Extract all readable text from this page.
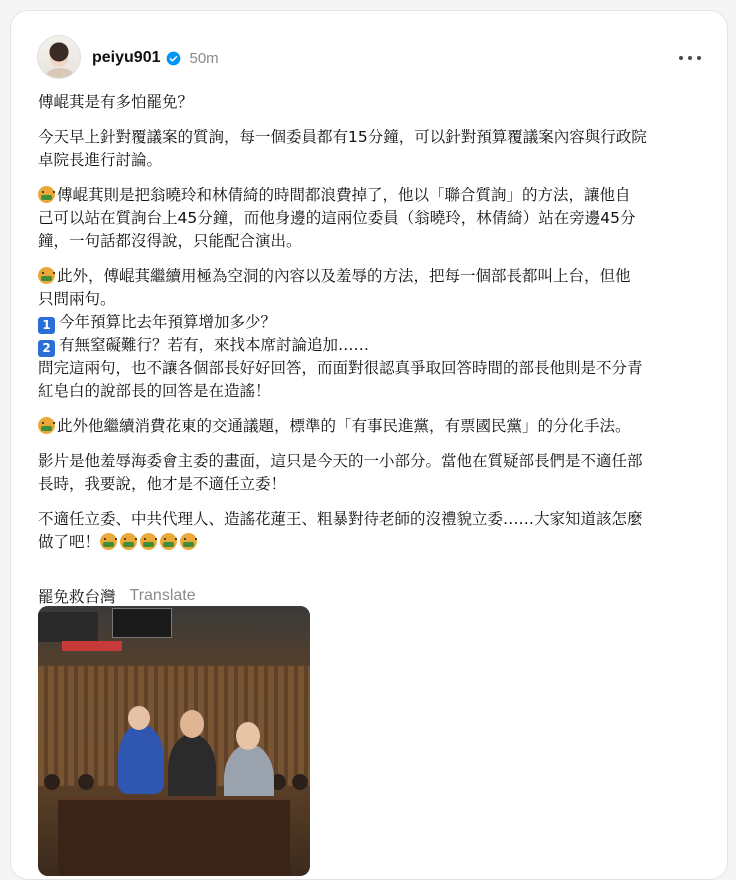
peiyu901 50m
傅崐萁是有多怕罷免？
今天早上針對覆議案的質詢，每一個委員都有15分鐘，可以針對預算覆議案內容與行政院
卓院長進行討論。
傅崐萁則是把翁曉玲和林倩綺的時間都浪費掉了，他以「聯合質詢」的方法，讓他自
己可以站在質詢台上45分鐘，而他身邊的這兩位委員（翁曉玲，林倩綺）站在旁邊45分
鐘，一句話都沒得說，只能配合演出。
此外，傅崐萁繼續用極為空洞的內容以及羞辱的方法，把每一個部長都叫上台，但他
只問兩句。
1 今年預算比去年預算增加多少？
2 有無窒礙難行？若有，來找本席討論追加……
問完這兩句，也不讓各個部長好好回答，而面對很認真爭取回答時間的部長他則是不分青
紅皂白的說部長的回答是在造謠！
此外他繼續消費花東的交通議題，標準的「有事民進黨，有票國民黨」的分化手法。
影片是他羞辱海委會主委的畫面，這只是今天的一小部分。當他在質疑部長們是不適任部
長時，我要說，他才是不適任立委！
不適任立委、中共代理人、造謠花蓮王、粗暴對待老師的沒禮貌立委……大家知道該怎麼
做了吧！
罷免救台灣 Translate
